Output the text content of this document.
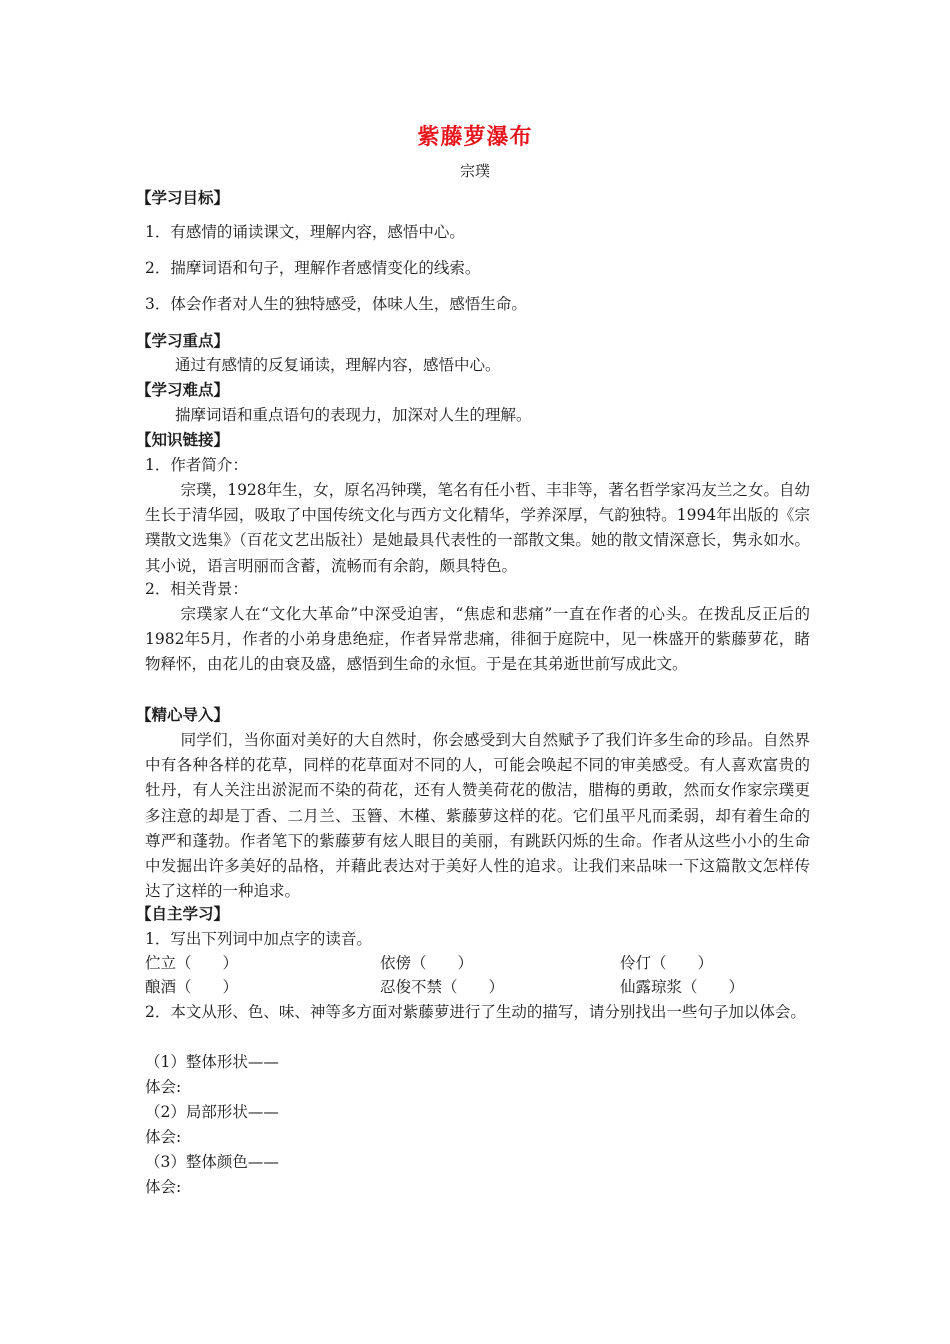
紫藤萝瀑布
宗璞
【学习目标】
1．有感情的诵读课文，理解内容，感悟中心。
2．揣摩词语和句子，理解作者感情变化的线索。
3．体会作者对人生的独特感受，体味人生，感悟生命。
【学习重点】
通过有感情的反复诵读，理解内容，感悟中心。
【学习难点】
揣摩词语和重点语句的表现力，加深对人生的理解。
【知识链接】
1．作者简介：
宗璞，1928年生，女，原名冯钟璞，笔名有任小哲、丰非等，著名哲学家冯友兰之女。自幼生长于清华园，吸取了中国传统文化与西方文化精华，学养深厚，气韵独特。1994年出版的《宗璞散文选集》（百花文艺出版社）是她最具代表性的一部散文集。她的散文情深意长，隽永如水。其小说，语言明丽而含蓄，流畅而有余韵，颇具特色。
2．相关背景：
宗璞家人在“文化大革命”中深受迫害，“焦虑和悲痛”一直在作者的心头。在拨乱反正后的1982年5月，作者的小弟身患绝症，作者异常悲痛，徘徊于庭院中，见一株盛开的紫藤萝花，睹物释怀，由花儿的由衰及盛，感悟到生命的永恒。于是在其弟逝世前写成此文。
【精心导入】
同学们，当你面对美好的大自然时，你会感受到大自然赋予了我们许多生命的珍品。自然界中有各种各样的花草，同样的花草面对不同的人，可能会唤起不同的审美感受。有人喜欢富贵的牡丹，有人关注出淤泥而不染的荷花，还有人赞美荷花的傲洁，腊梅的勇敢，然而女作家宗璞更多注意的却是丁香、二月兰、玉簪、木槿、紫藤萝这样的花。它们虽平凡而柔弱，却有着生命的尊严和蓬勃。作者笔下的紫藤萝有炫人眼目的美丽，有跳跃闪烁的生命。作者从这些小小的生命中发掘出许多美好的品格，并藉此表达对于美好人性的追求。让我们来品味一下这篇散文怎样传达了这样的一种追求。
【自主学习】
1．写出下列词中加点字的读音。
伫立（　　）	依傍（　　）	伶仃（　　）
酿酒（　　）	忍俊不禁（　　）	仙露琼浆（　　）
2．本文从形、色、味、神等多方面对紫藤萝进行了生动的描写，请分别找出一些句子加以体会。
（1）整体形状——
体会:
（2）局部形状——
体会:
（3）整体颜色——
体会:
